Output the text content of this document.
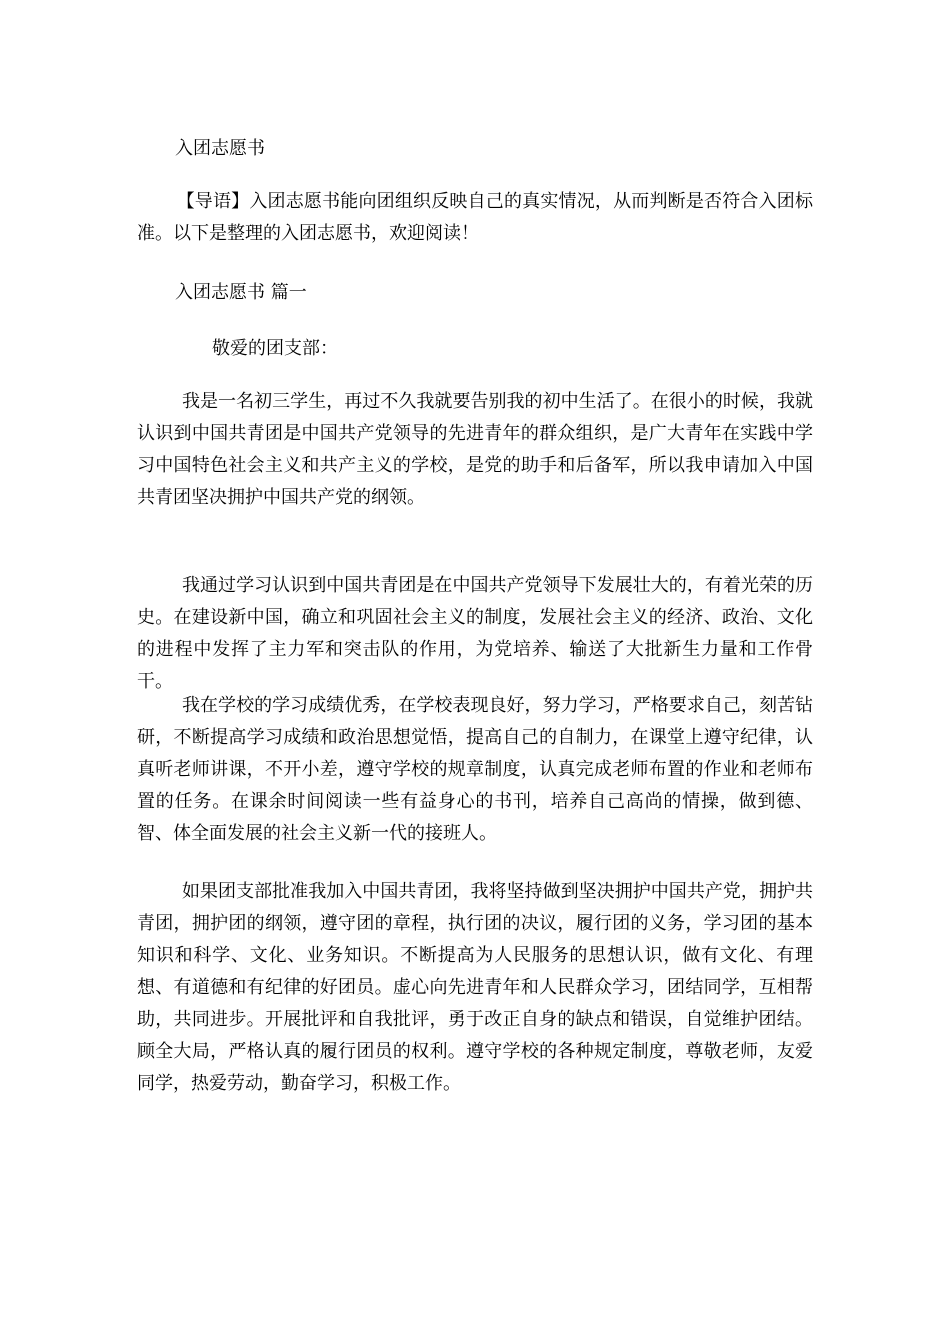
入团志愿书
【导语】入团志愿书能向团组织反映自己的真实情况，从而判断是否符合入团标准。以下是整理的入团志愿书，欢迎阅读！
入团志愿书 篇一
敬爱的团支部：
我是一名初三学生，再过不久我就要告别我的初中生活了。在很小的时候，我就认识到中国共青团是中国共产党领导的先进青年的群众组织，是广大青年在实践中学习中国特色社会主义和共产主义的学校，是党的助手和后备军，所以我申请加入中国共青团坚决拥护中国共产党的纲领。
我通过学习认识到中国共青团是在中国共产党领导下发展壮大的，有着光荣的历史。在建设新中国，确立和巩固社会主义的制度，发展社会主义的经济、政治、文化的进程中发挥了主力军和突击队的作用，为党培养、输送了大批新生力量和工作骨干。
我在学校的学习成绩优秀，在学校表现良好，努力学习，严格要求自己，刻苦钻研，不断提高学习成绩和政治思想觉悟，提高自己的自制力，在课堂上遵守纪律，认真听老师讲课，不开小差，遵守学校的规章制度，认真完成老师布置的作业和老师布置的任务。在课余时间阅读一些有益身心的书刊，培养自己高尚的情操，做到德、智、体全面发展的社会主义新一代的接班人。
如果团支部批准我加入中国共青团，我将坚持做到坚决拥护中国共产党，拥护共青团，拥护团的纲领，遵守团的章程，执行团的决议，履行团的义务，学习团的基本知识和科学、文化、业务知识。不断提高为人民服务的思想认识，做有文化、有理想、有道德和有纪律的好团员。虚心向先进青年和人民群众学习，团结同学，互相帮助，共同进步。开展批评和自我批评，勇于改正自身的缺点和错误，自觉维护团结。顾全大局，严格认真的履行团员的权利。遵守学校的各种规定制度，尊敬老师，友爱同学，热爱劳动，勤奋学习，积极工作。
